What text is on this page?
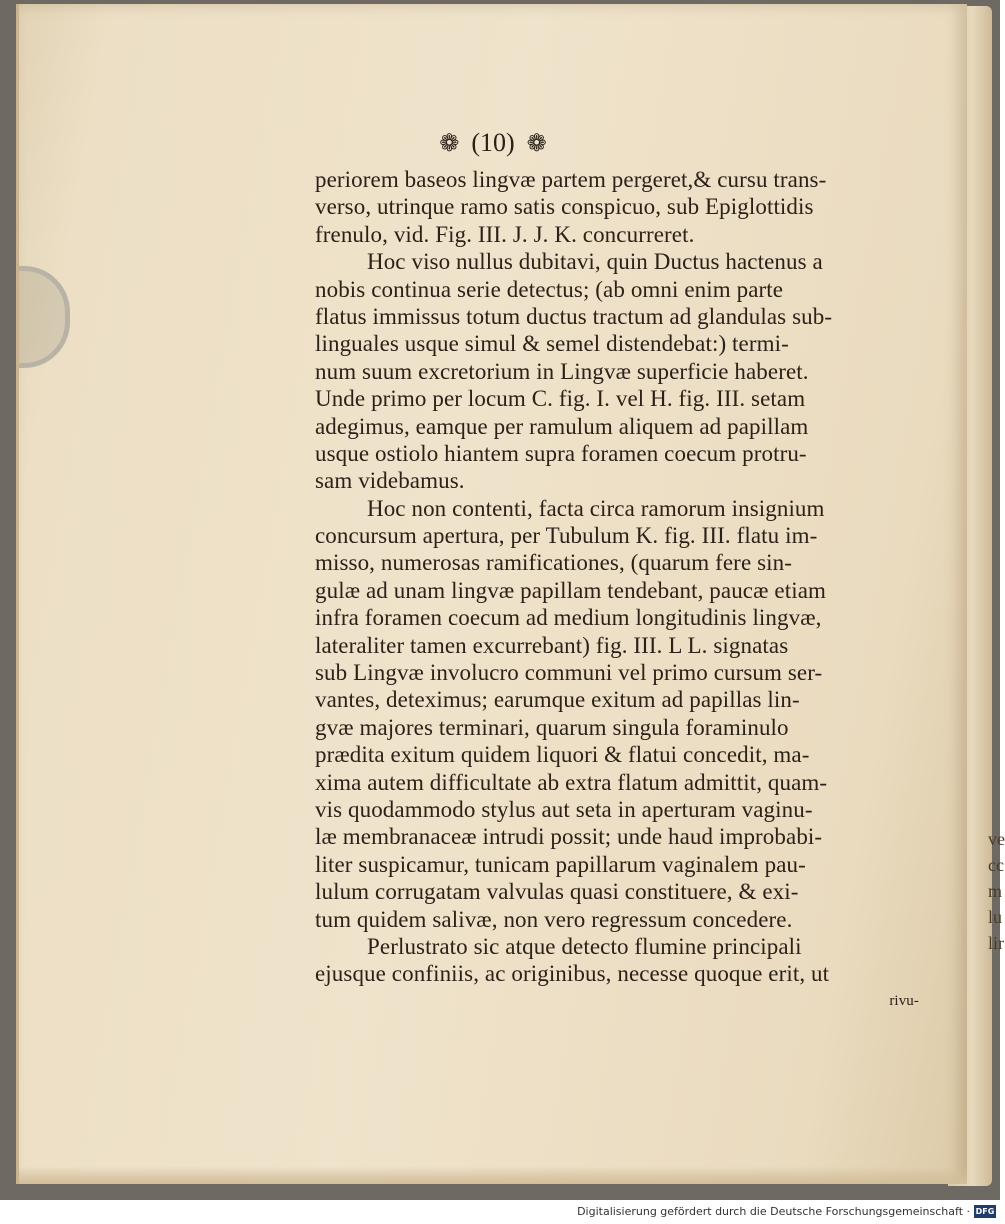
ve
cc
m
lu
lir
❁ (10) ❁
periorem baseos lingvæ partem pergeret,& cursu trans-
verso, utrinque ramo satis conspicuo, sub Epiglottidis
frenulo, vid. Fig. III. J. J. K. concurreret.
Hoc viso nullus dubitavi, quin Ductus hactenus a
nobis continua serie detectus; (ab omni enim parte
flatus immissus totum ductus tractum ad glandulas sub-
linguales usque simul & semel distendebat:) termi-
num suum excretorium in Lingvæ superficie haberet.
Unde primo per locum C. fig. I. vel H. fig. III. setam
adegimus, eamque per ramulum aliquem ad papillam
usque ostiolo hiantem supra foramen coecum protru-
sam videbamus.
Hoc non contenti, facta circa ramorum insignium
concursum apertura, per Tubulum K. fig. III. flatu im-
misso, numerosas ramificationes, (quarum fere sin-
gulæ ad unam lingvæ papillam tendebant, paucæ etiam
infra foramen coecum ad medium longitudinis lingvæ,
lateraliter tamen excurrebant) fig. III. L L. signatas
sub Lingvæ involucro communi vel primo cursum ser-
vantes, deteximus; earumque exitum ad papillas lin-
gvæ majores terminari, quarum singula foraminulo
prædita exitum quidem liquori & flatui concedit, ma-
xima autem difficultate ab extra flatum admittit, quam-
vis quodammodo stylus aut seta in aperturam vaginu-
læ membranaceæ intrudi possit; unde haud improbabi-
liter suspicamur, tunicam papillarum vaginalem pau-
lulum corrugatam valvulas quasi constituere, & exi-
tum quidem salivæ, non vero regressum concedere.
Perlustrato sic atque detecto flumine principali
ejusque confiniis, ac originibus, necesse quoque erit, ut
rivu-
Digitalisierung gefördert durch die Deutsche Forschungsgemeinschaft · DFG
